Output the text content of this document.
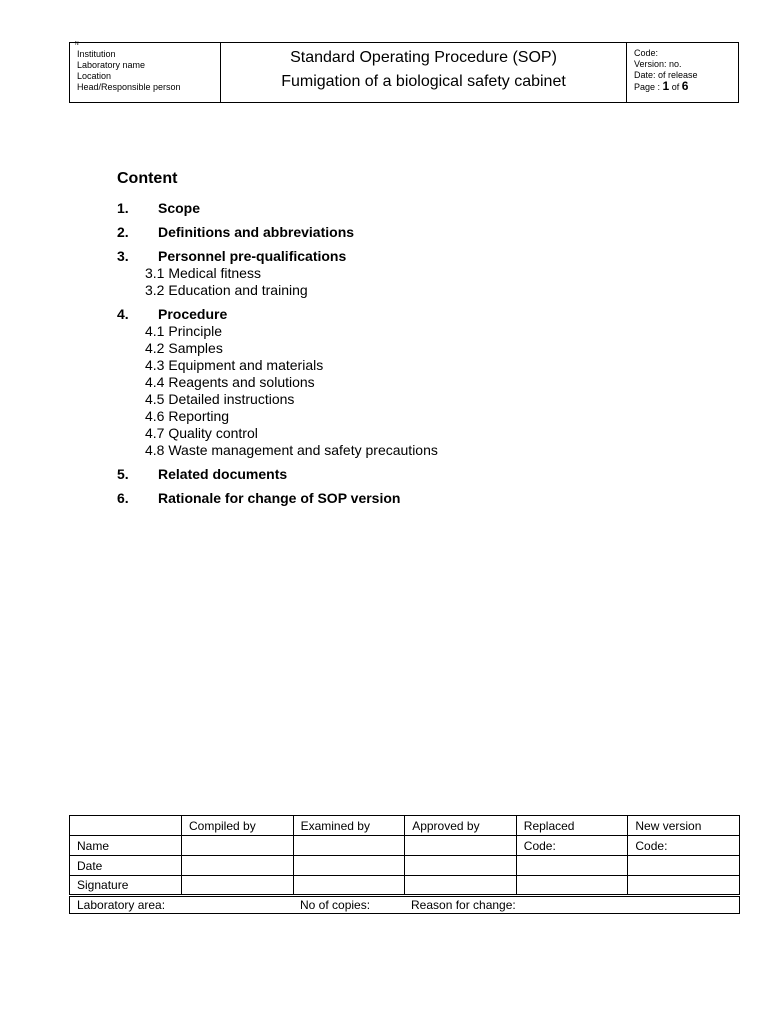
N
Institution
Laboratory name
Location
Head/Responsible person
Standard Operating Procedure (SOP)
Fumigation of a biological safety cabinet
Code:
Version: no.
Date: of release
Page : 1 of 6
Content
1.	Scope
2.	Definitions and abbreviations
3.	Personnel pre-qualifications
3.1 Medical fitness
3.2 Education and training
4.	Procedure
4.1 Principle
4.2 Samples
4.3 Equipment and materials
4.4 Reagents and solutions
4.5 Detailed instructions
4.6 Reporting
4.7 Quality control
4.8 Waste management and safety precautions
5.	Related documents
6.	Rationale for change of SOP version
	Compiled by	Examined by	Approved by	Replaced	New version
Name				Code:	Code:
Date					
Signature					

Laboratory area: No of copies: Reason for change:					
